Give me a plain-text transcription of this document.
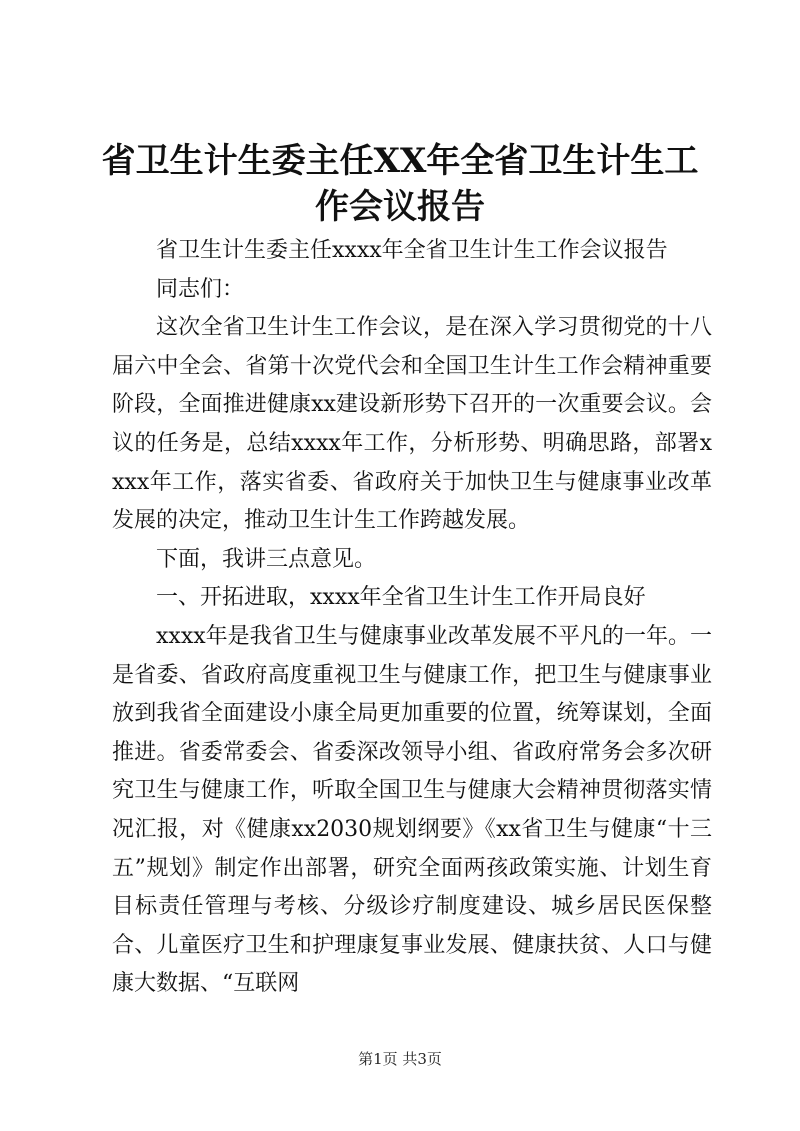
省卫生计生委主任XX年全省卫生计生工作会议报告

省卫生计生委主任xxxx年全省卫生计生工作会议报告

同志们：

这次全省卫生计生工作会议，是在深入学习贯彻党的十八届六中全会、省第十次党代会和全国卫生计生工作会精神重要阶段，全面推进健康xx建设新形势下召开的一次重要会议。会议的任务是，总结xxxx年工作，分析形势、明确思路，部署xxxx年工作，落实省委、省政府关于加快卫生与健康事业改革发展的决定，推动卫生计生工作跨越发展。

下面，我讲三点意见。

一、开拓进取，xxxx年全省卫生计生工作开局良好

xxxx年是我省卫生与健康事业改革发展不平凡的一年。一是省委、省政府高度重视卫生与健康工作，把卫生与健康事业放到我省全面建设小康全局更加重要的位置，统筹谋划，全面推进。省委常委会、省委深改领导小组、省政府常务会多次研究卫生与健康工作，听取全国卫生与健康大会精神贯彻落实情况汇报，对《健康xx2030规划纲要》《xx省卫生与健康“十三五”规划》制定作出部署，研究全面两孩政策实施、计划生育目标责任管理与考核、分级诊疗制度建设、城乡居民医保整合、儿童医疗卫生和护理康复事业发展、健康扶贫、人口与健康大数据、“互联网

第1页 共3页
